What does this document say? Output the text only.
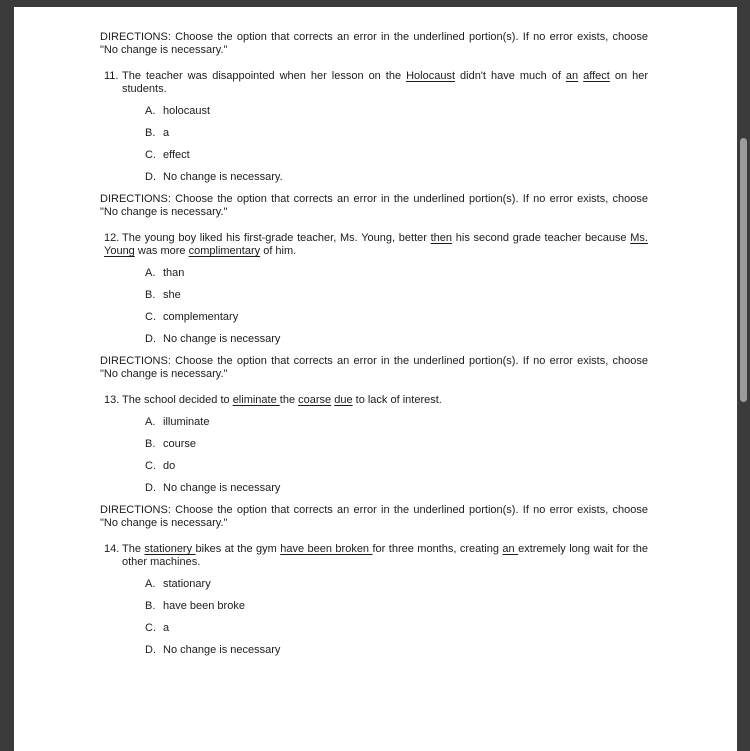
DIRECTIONS: Choose the option that corrects an error in the underlined portion(s). If no error exists, choose "No change is necessary."

11. The teacher was disappointed when her lesson on the Holocaust didn't have much of an affect on her students.

A. holocaust
B. a
C. effect
D. No change is necessary.

DIRECTIONS: Choose the option that corrects an error in the underlined portion(s). If no error exists, choose "No change is necessary."

12. The young boy liked his first-grade teacher, Ms. Young, better then his second grade teacher because Ms. Young was more complimentary of him.

A. than
B. she
C. complementary
D. No change is necessary

DIRECTIONS: Choose the option that corrects an error in the underlined portion(s). If no error exists, choose "No change is necessary."

13. The school decided to eliminate the coarse due to lack of interest.

A. illuminate
B. course
C. do
D. No change is necessary

DIRECTIONS: Choose the option that corrects an error in the underlined portion(s). If no error exists, choose "No change is necessary."

14. The stationery bikes at the gym have been broken for three months, creating an extremely long wait for the other machines.

A. stationary
B. have been broke
C. a
D. No change is necessary
